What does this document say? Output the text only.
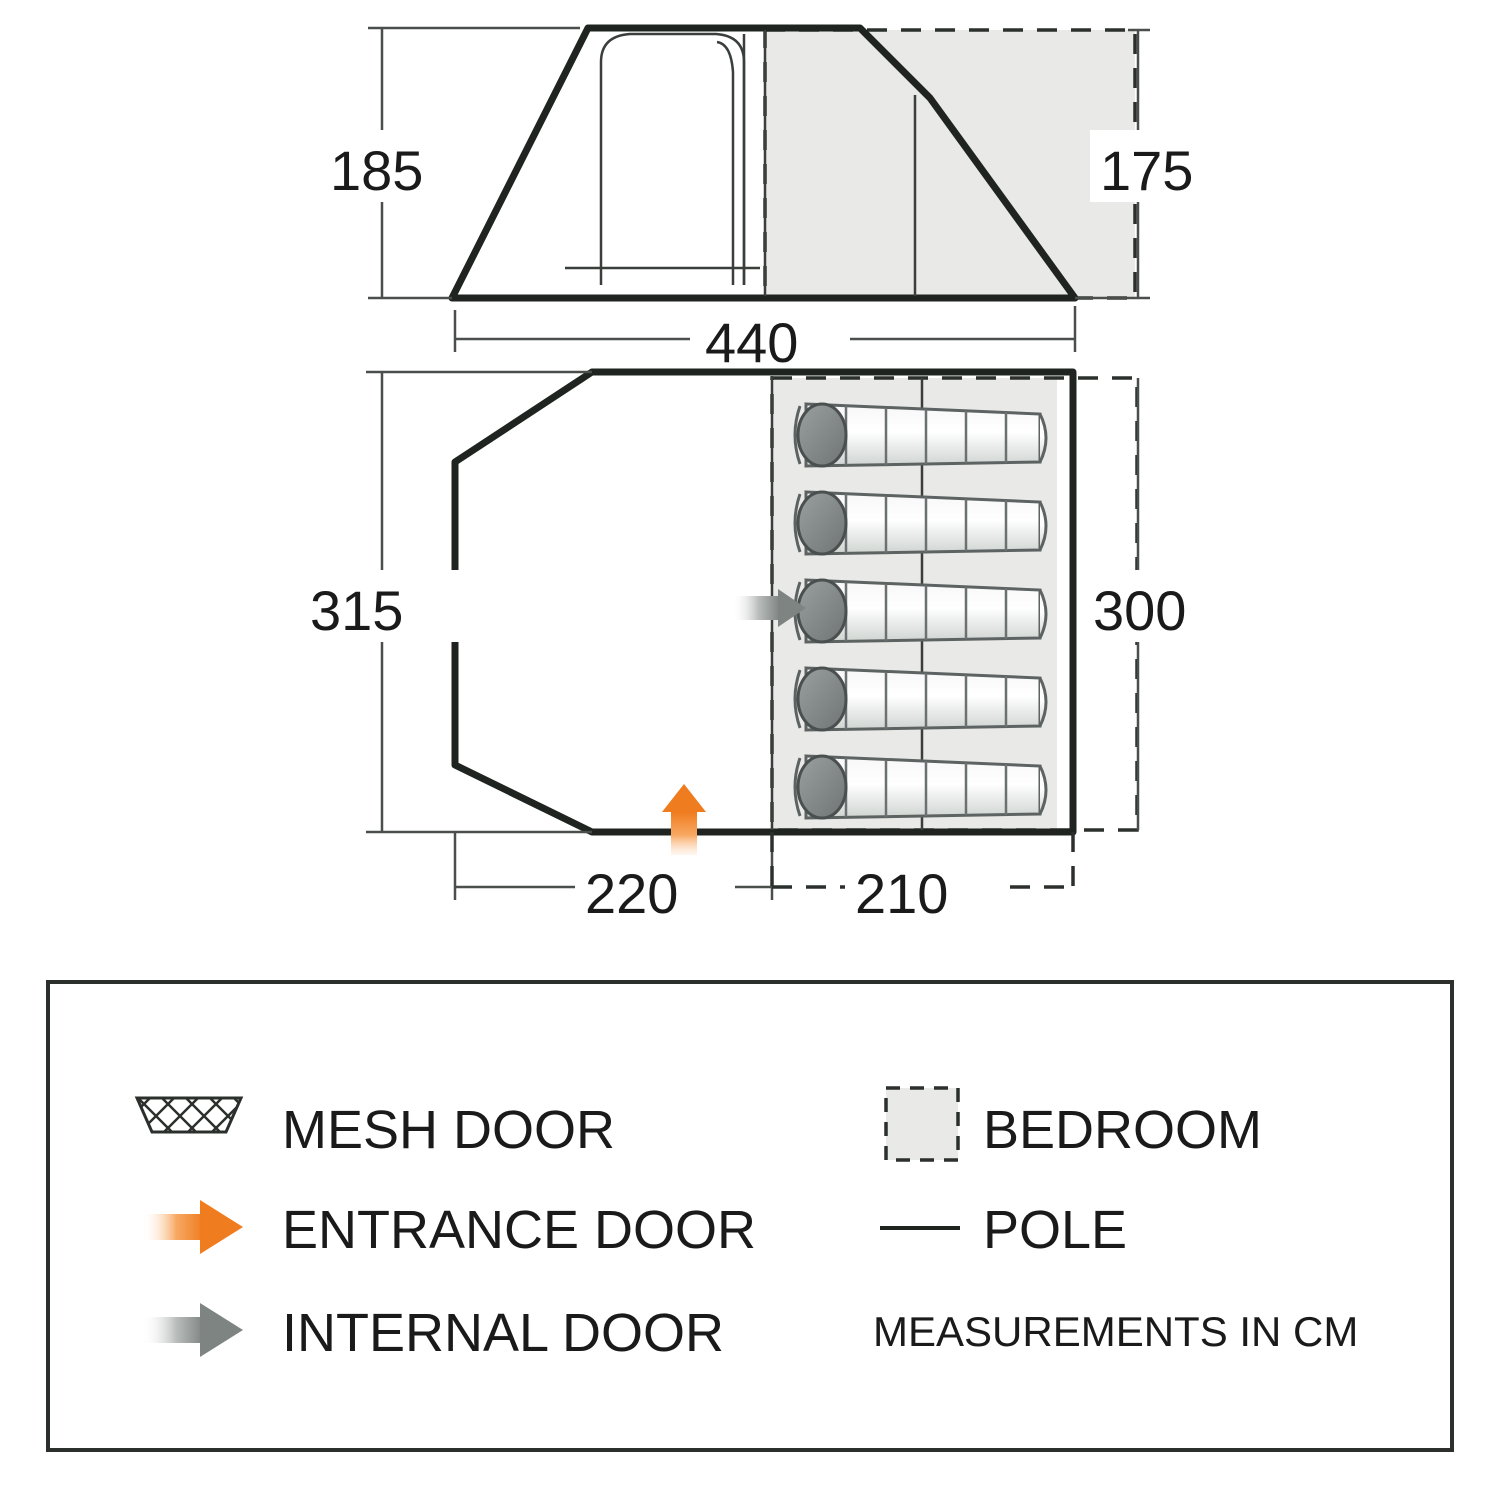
185	175
440
315	300
220	210
MESH DOOR	BEDROOM
ENTRANCE DOOR	POLE
INTERNAL DOOR	MEASUREMENTS IN CM
